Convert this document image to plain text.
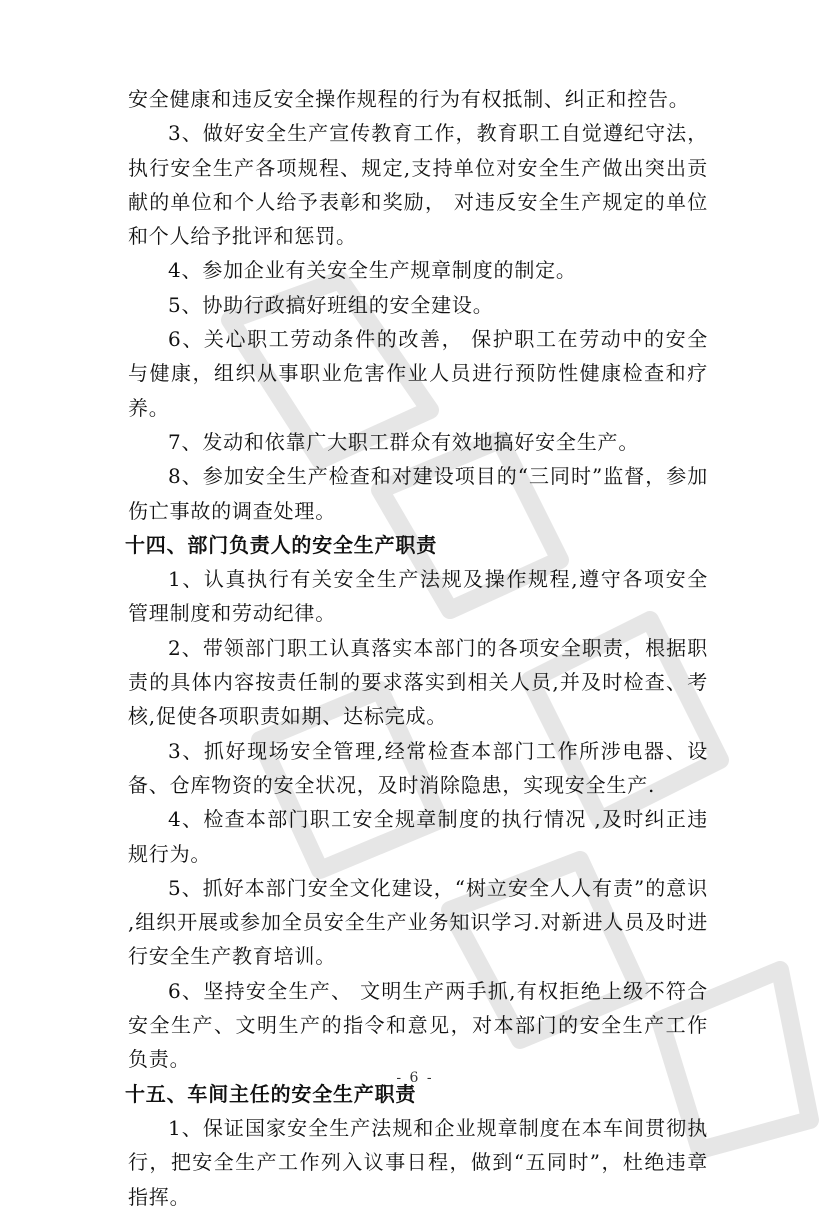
安全健康和违反安全操作规程的行为有权抵制、纠正和控告。

3、做好安全生产宣传教育工作，教育职工自觉遵纪守法，执行安全生产各项规程、规定,支持单位对安全生产做出突出贡献的单位和个人给予表彰和奖励， 对违反安全生产规定的单位和个人给予批评和惩罚。

4、参加企业有关安全生产规章制度的制定。

5、协助行政搞好班组的安全建设。

6、关心职工劳动条件的改善， 保护职工在劳动中的安全与健康，组织从事职业危害作业人员进行预防性健康检查和疗养。

7、发动和依靠广大职工群众有效地搞好安全生产。

8、参加安全生产检查和对建设项目的“三同时”监督，参加伤亡事故的调查处理。

十四、部门负责人的安全生产职责

1、认真执行有关安全生产法规及操作规程,遵守各项安全管理制度和劳动纪律。

2、带领部门职工认真落实本部门的各项安全职责，根据职责的具体内容按责任制的要求落实到相关人员,并及时检查、考核,促使各项职责如期、达标完成。

3、抓好现场安全管理,经常检查本部门工作所涉电器、设备、仓库物资的安全状况，及时消除隐患，实现安全生产.

4、检查本部门职工安全规章制度的执行情况 ,及时纠正违规行为。

5、抓好本部门安全文化建设，“树立安全人人有责”的意识 ,组织开展或参加全员安全生产业务知识学习.对新进人员及时进行安全生产教育培训。

6、坚持安全生产、 文明生产两手抓,有权拒绝上级不符合安全生产、文明生产的指令和意见，对本部门的安全生产工作负责。

十五、车间主任的安全生产职责

1、保证国家安全生产法规和企业规章制度在本车间贯彻执行，把安全生产工作列入议事日程，做到“五同时”，杜绝违章指挥。

- 6 -
